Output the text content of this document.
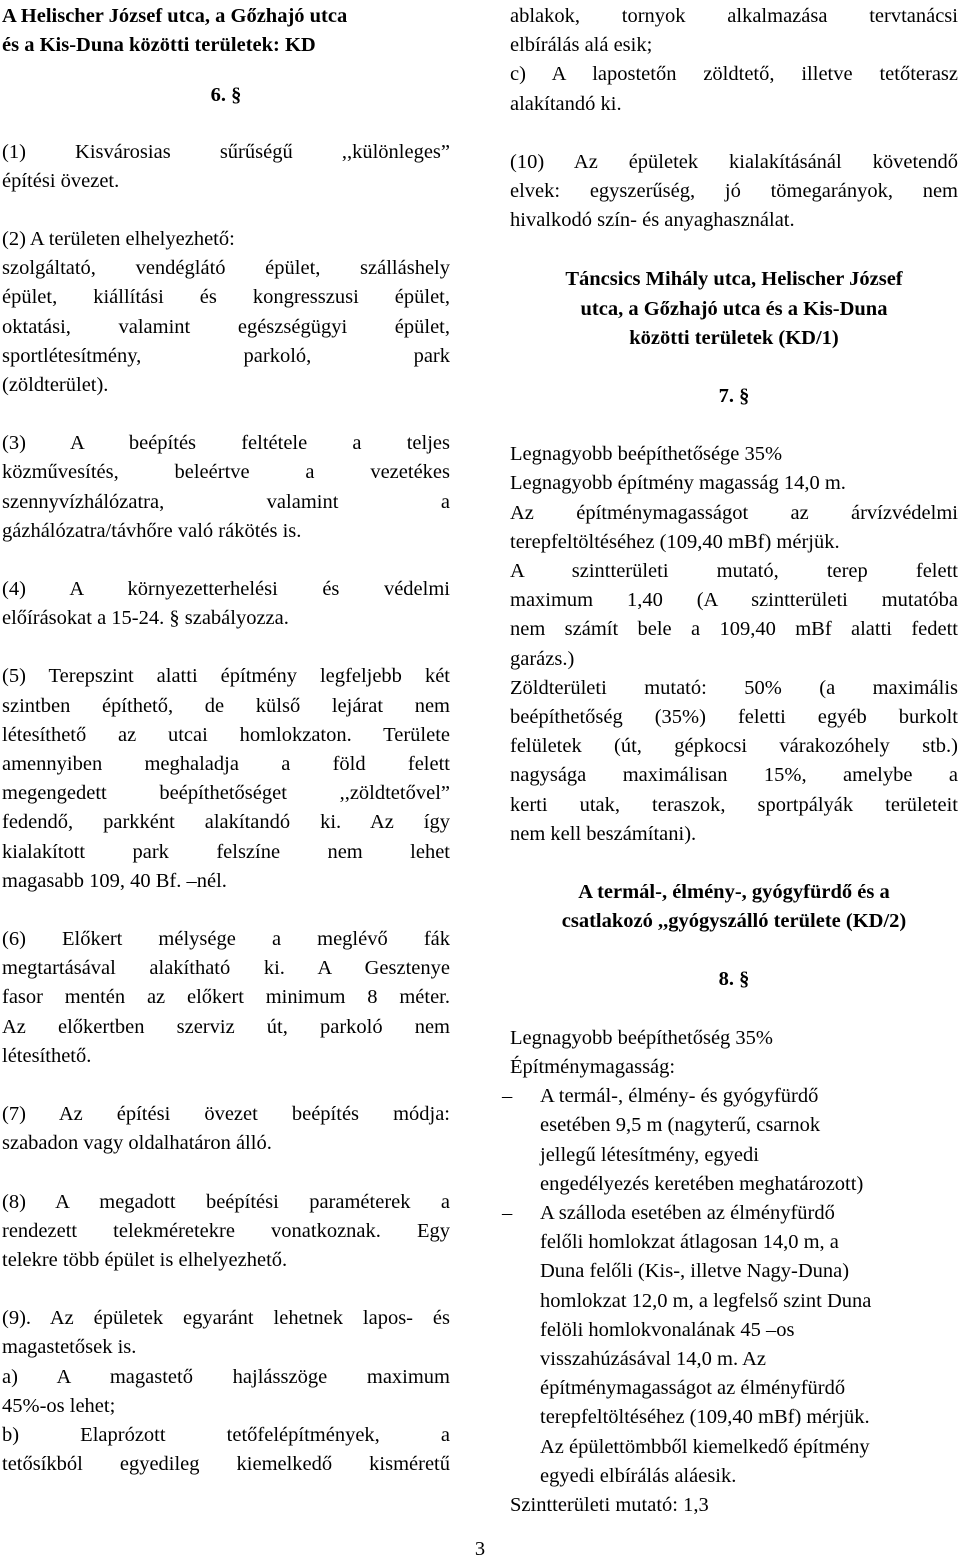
A Helischer József utca, a Gőzhajó utca

és a Kis-Duna közötti területek: KD

6. §

(1) Kisvárosias sűrűségű ,,különleges”

építési övezet.

(2) A területen elhelyezhető:

szolgáltató, vendéglátó épület, szálláshely

épület, kiállítási és kongresszusi épület,

oktatási, valamint egészségügyi épület,

sportlétesítmény, parkoló, park

(zöldterület).

(3) A beépítés feltétele a teljes

közművesítés, beleértve a vezetékes

szennyvízhálózatra, valamint a

gázhálózatra/távhőre való rákötés is.

(4) A környezetterhelési és védelmi

előírásokat a 15-24. § szabályozza.

(5) Terepszint alatti építmény legfeljebb két

szintben építhető, de külső lejárat nem

létesíthető az utcai homlokzaton. Területe

amennyiben meghaladja a föld felett

megengedett beépíthetőséget ,,zöldtetővel”

fedendő, parkként alakítandó ki. Az így

kialakított park felszíne nem lehet

magasabb 109, 40 Bf. –nél.

(6) Előkert mélysége a meglévő fák

megtartásával alakítható ki. A Gesztenye

fasor mentén az előkert minimum 8 méter.

Az előkertben szerviz út, parkoló nem

létesíthető.

(7) Az építési övezet beépítés módja:

szabadon vagy oldalhatáron álló.

(8) A megadott beépítési paraméterek a

rendezett telekméretekre vonatkoznak. Egy

telekre több épület is elhelyezhető.

(9). Az épületek egyaránt lehetnek lapos- és

magastetősek is.

a) A magastető hajlásszöge maximum

45%-os lehet;

b) Elaprózott tetőfelépítmények, a

tetősíkból egyedileg kiemelkedő kisméretű

ablakok, tornyok alkalmazása tervtanácsi

elbírálás alá esik;

c) A lapostetőn zöldtető, illetve tetőterasz

alakítandó ki.

(10) Az épületek kialakításánál követendő

elvek: egyszerűség, jó tömegarányok, nem

hivalkodó szín- és anyaghasználat.

Táncsics Mihály utca, Helischer József

utca, a Gőzhajó utca és a Kis-Duna

közötti területek (KD/1)

7. §

Legnagyobb beépíthetősége 35%

Legnagyobb építmény magasság 14,0 m.

Az építménymagasságot az árvízvédelmi

terepfeltöltéséhez (109,40 mBf) mérjük.

A szintterületi mutató, terep felett

maximum 1,40 (A szintterületi mutatóba

nem számít bele a 109,40 mBf alatti fedett

garázs.)

Zöldterületi mutató: 50% (a maximális

beépíthetőség (35%) feletti egyéb burkolt

felületek (út, gépkocsi várakozóhely stb.)

nagysága maximálisan 15%, amelybe a

kerti utak, teraszok, sportpályák területeit

nem kell beszámítani).

A termál-, élmény-, gyógyfürdő és a

csatlakozó ,,gyógyszálló területe (KD/2)

8. §

Legnagyobb beépíthetőség 35%

Építménymagasság:

– A termál-, élmény- és gyógyfürdő

esetében 9,5 m (nagyterű, csarnok

jellegű létesítmény, egyedi

engedélyezés keretében meghatározott)

– A szálloda esetében az élményfürdő

felőli homlokzat átlagosan 14,0 m, a

Duna felőli (Kis-, illetve Nagy-Duna)

homlokzat 12,0 m, a legfelső szint Duna

felöli homlokvonalának 45 –os

visszahúzásával 14,0 m. Az

építménymagasságot az élményfürdő

terepfeltöltéséhez (109,40 mBf) mérjük.

Az épülettömbből kiemelkedő építmény

egyedi elbírálás aláesik.

Szintterületi mutató: 1,3

3
